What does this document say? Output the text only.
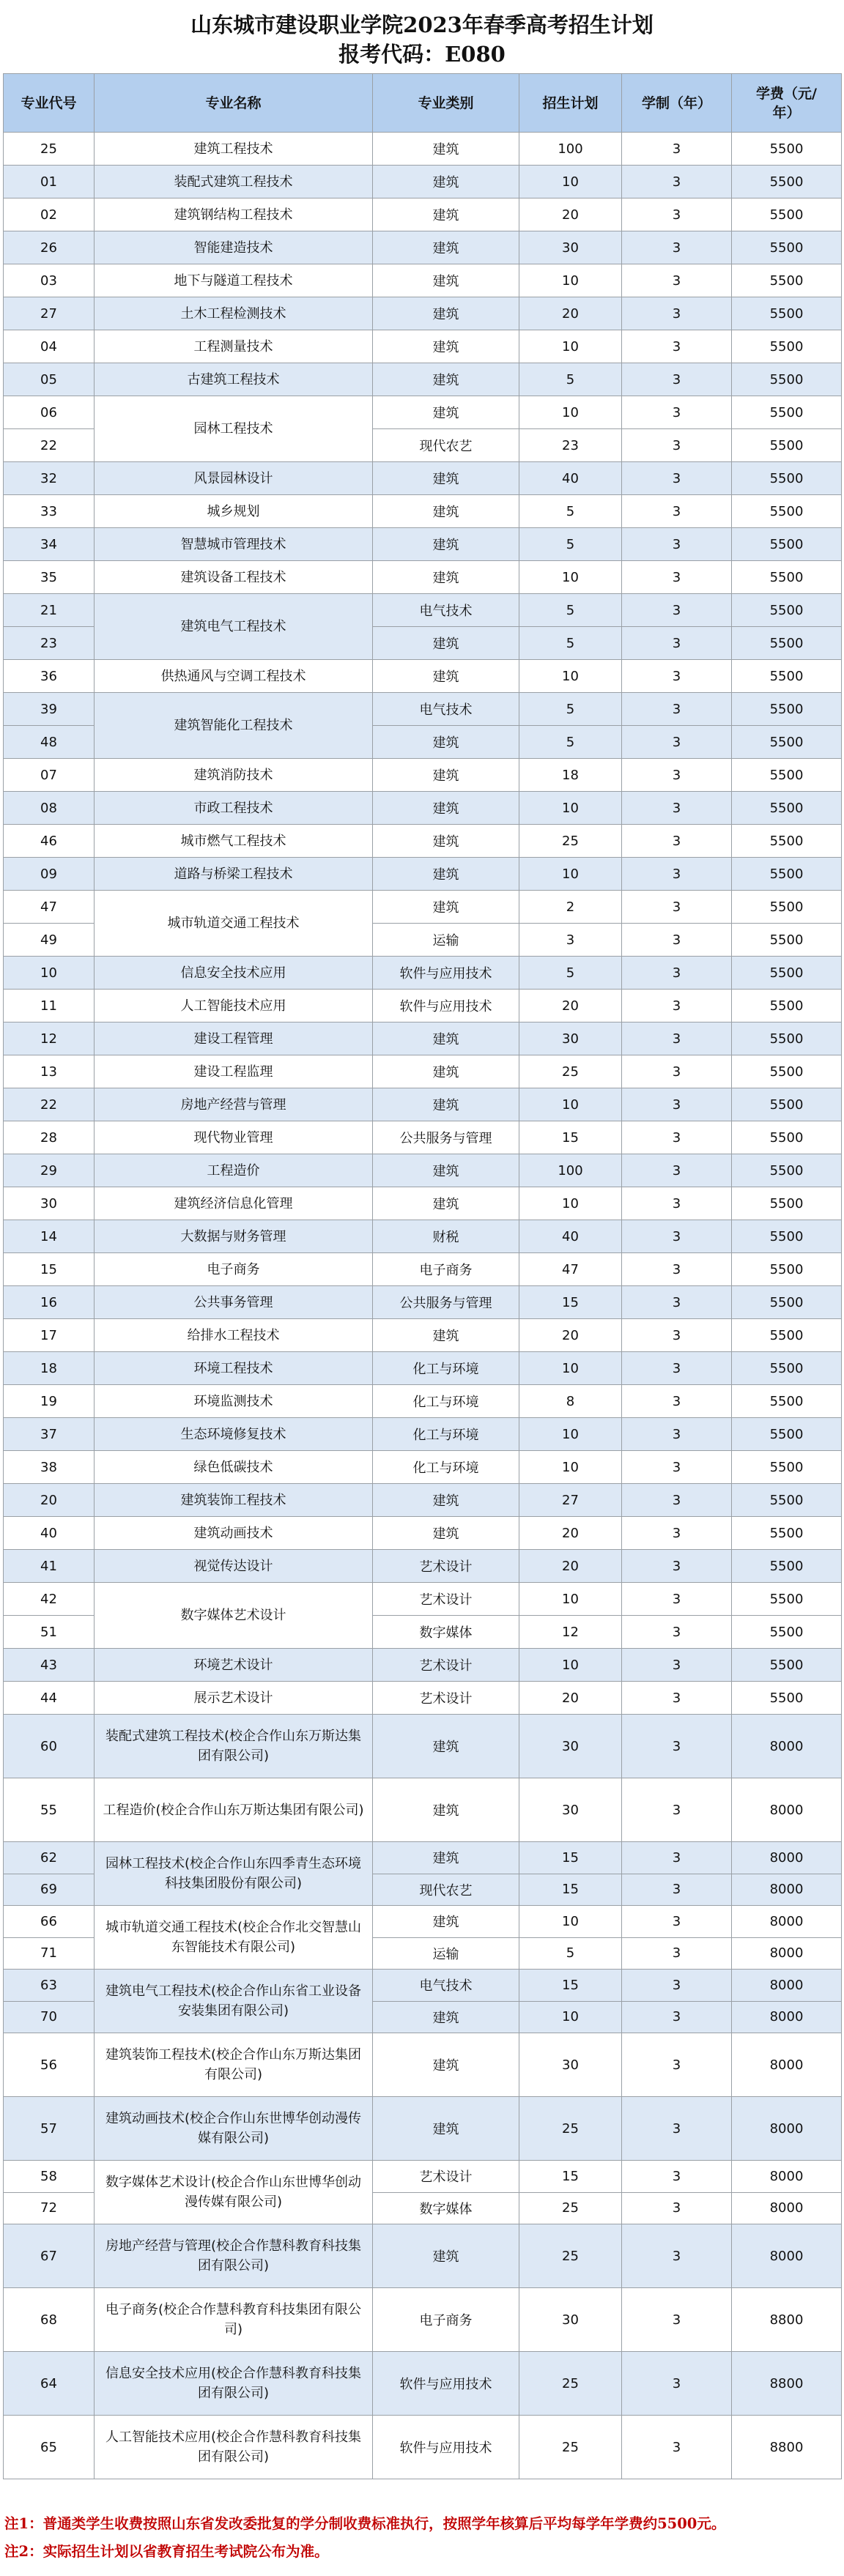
山东城市建设职业学院2023年春季高考招生计划
报考代码：E080
专业代号	专业名称	专业类别	招生计划	学制（年）	学费（元/年）
25	建筑工程技术	建筑	100	3	5500
01	装配式建筑工程技术	建筑	10	3	5500
02	建筑钢结构工程技术	建筑	20	3	5500
26	智能建造技术	建筑	30	3	5500
03	地下与隧道工程技术	建筑	10	3	5500
27	土木工程检测技术	建筑	20	3	5500
04	工程测量技术	建筑	10	3	5500
05	古建筑工程技术	建筑	5	3	5500
06	园林工程技术	建筑	10	3	5500
22		现代农艺	23	3	5500
32	风景园林设计	建筑	40	3	5500
33	城乡规划	建筑	5	3	5500
34	智慧城市管理技术	建筑	5	3	5500
35	建筑设备工程技术	建筑	10	3	5500
21	建筑电气工程技术	电气技术	5	3	5500
23		建筑	5	3	5500
36	供热通风与空调工程技术	建筑	10	3	5500
39	建筑智能化工程技术	电气技术	5	3	5500
48		建筑	5	3	5500
07	建筑消防技术	建筑	18	3	5500
08	市政工程技术	建筑	10	3	5500
46	城市燃气工程技术	建筑	25	3	5500
09	道路与桥梁工程技术	建筑	10	3	5500
47	城市轨道交通工程技术	建筑	2	3	5500
49		运输	3	3	5500
10	信息安全技术应用	软件与应用技术	5	3	5500
11	人工智能技术应用	软件与应用技术	20	3	5500
12	建设工程管理	建筑	30	3	5500
13	建设工程监理	建筑	25	3	5500
22	房地产经营与管理	建筑	10	3	5500
28	现代物业管理	公共服务与管理	15	3	5500
29	工程造价	建筑	100	3	5500
30	建筑经济信息化管理	建筑	10	3	5500
14	大数据与财务管理	财税	40	3	5500
15	电子商务	电子商务	47	3	5500
16	公共事务管理	公共服务与管理	15	3	5500
17	给排水工程技术	建筑	20	3	5500
18	环境工程技术	化工与环境	10	3	5500
19	环境监测技术	化工与环境	8	3	5500
37	生态环境修复技术	化工与环境	10	3	5500
38	绿色低碳技术	化工与环境	10	3	5500
20	建筑装饰工程技术	建筑	27	3	5500
40	建筑动画技术	建筑	20	3	5500
41	视觉传达设计	艺术设计	20	3	5500
42	数字媒体艺术设计	艺术设计	10	3	5500
51		数字媒体	12	3	5500
43	环境艺术设计	艺术设计	10	3	5500
44	展示艺术设计	艺术设计	20	3	5500
60	装配式建筑工程技术(校企合作山东万斯达集团有限公司)	建筑	30	3	8000
55	工程造价(校企合作山东万斯达集团有限公司)	建筑	30	3	8000
62	园林工程技术(校企合作山东四季青生态环境科技集团股份有限公司)	建筑	15	3	8000
69		现代农艺	15	3	8000
66	城市轨道交通工程技术(校企合作北交智慧山东智能技术有限公司)	建筑	10	3	8000
71		运输	5	3	8000
63	建筑电气工程技术(校企合作山东省工业设备安装集团有限公司)	电气技术	15	3	8000
70		建筑	10	3	8000
56	建筑装饰工程技术(校企合作山东万斯达集团有限公司)	建筑	30	3	8000
57	建筑动画技术(校企合作山东世博华创动漫传媒有限公司)	建筑	25	3	8000
58	数字媒体艺术设计(校企合作山东世博华创动漫传媒有限公司)	艺术设计	15	3	8000
72		数字媒体	25	3	8000
67	房地产经营与管理(校企合作慧科教育科技集团有限公司)	建筑	25	3	8000
68	电子商务(校企合作慧科教育科技集团有限公司)	电子商务	30	3	8800
64	信息安全技术应用(校企合作慧科教育科技集团有限公司)	软件与应用技术	25	3	8800
65	人工智能技术应用(校企合作慧科教育科技集团有限公司)	软件与应用技术	25	3	8800
注1：普通类学生收费按照山东省发改委批复的学分制收费标准执行，按照学年核算后平均每学年学费约5500元。
注2：实际招生计划以省教育招生考试院公布为准。
